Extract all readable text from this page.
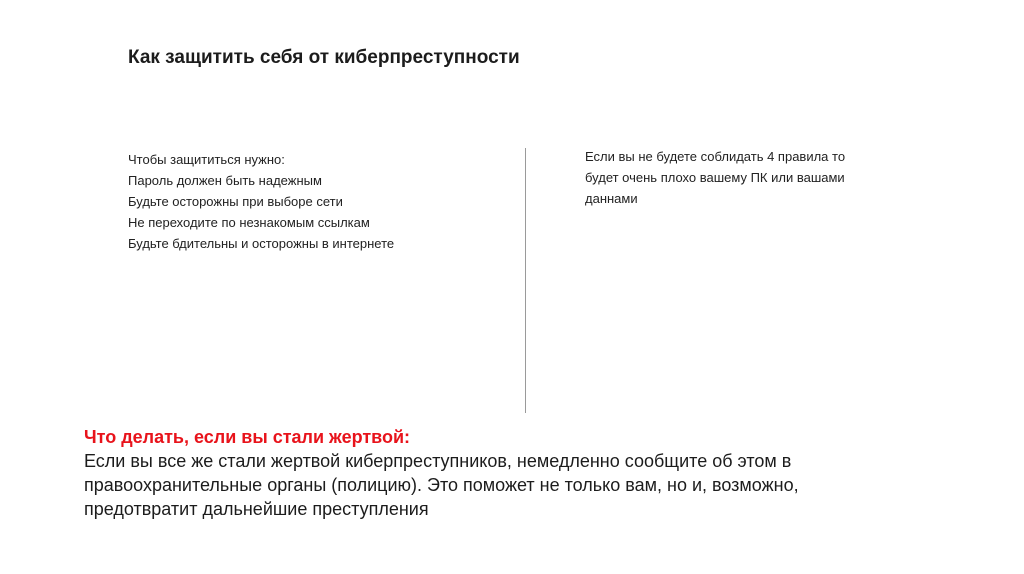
Как защитить себя от киберпреступности
Чтобы защититься нужно:
Пароль должен быть надежным
Будьте осторожны при выборе сети
Не переходите по незнакомым ссылкам
Будьте бдительны и осторожны в интернете
Если вы не будете соблидать 4 правила то
будет очень плохо вашему ПК или вашами
даннами
Что делать, если вы стали жертвой:
Если вы все же стали жертвой киберпреступников, немедленно сообщите об этом в
правоохранительные органы (полицию). Это поможет не только вам, но и, возможно,
предотвратит дальнейшие преступления
